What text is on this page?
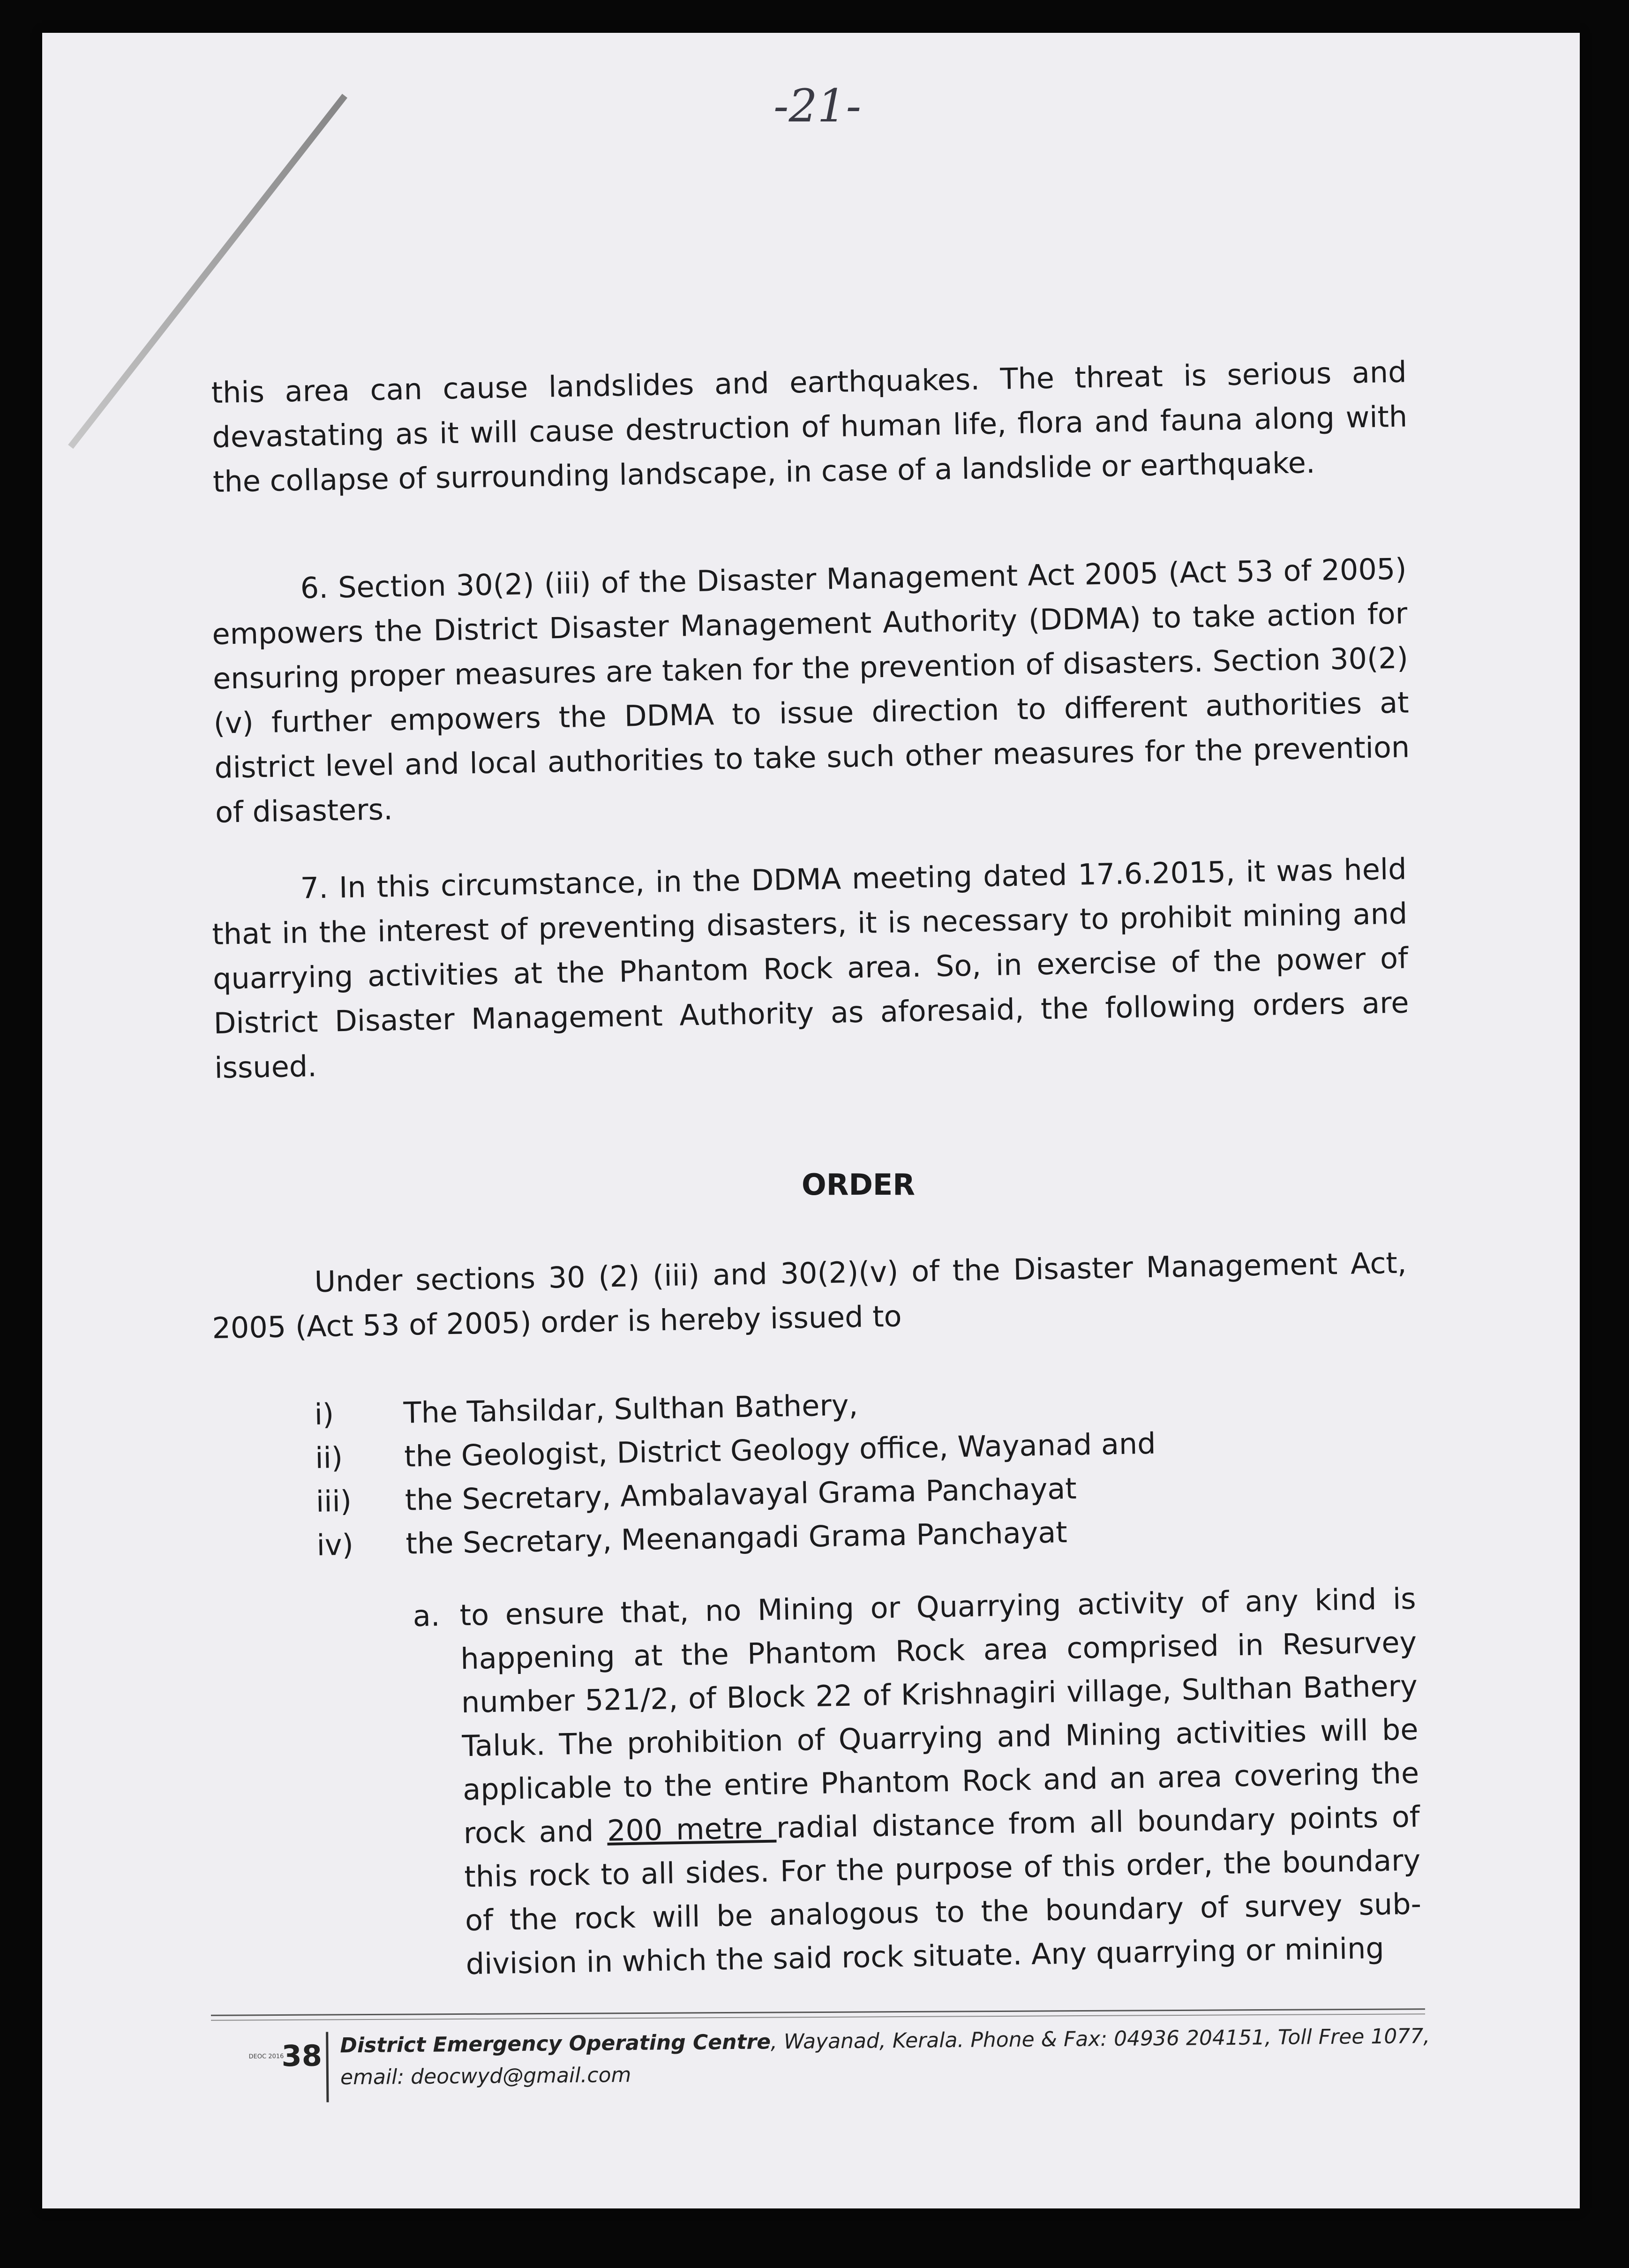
-21-

this area can cause landslides and earthquakes. The threat is serious and devastating as it will cause destruction of human life, flora and fauna along with the collapse of surrounding landscape, in case of a landslide or earthquake.

6. Section 30(2) (iii) of the Disaster Management Act 2005 (Act 53 of 2005) empowers the District Disaster Management Authority (DDMA) to take action for ensuring proper measures are taken for the prevention of disasters. Section 30(2) (v) further empowers the DDMA to issue direction to different authorities at district level and local authorities to take such other measures for the prevention of disasters.

7. In this circumstance, in the DDMA meeting dated 17.6.2015, it was held that in the interest of preventing disasters, it is necessary to prohibit mining and quarrying activities at the Phantom Rock area. So, in exercise of the power of District Disaster Management Authority as aforesaid, the following orders are issued.

ORDER

Under sections 30 (2) (iii) and 30(2)(v) of the Disaster Management Act, 2005 (Act 53 of 2005) order is hereby issued to

i)	The Tahsildar, Sulthan Bathery,
ii)	the Geologist, District Geology office, Wayanad and
iii)	the Secretary, Ambalavayal Grama Panchayat
iv)	the Secretary, Meenangadi Grama Panchayat
a. to ensure that, no Mining or Quarrying activity of any kind is happening at the Phantom Rock area comprised in Resurvey number 521/2, of Block 22 of Krishnagiri village, Sulthan Bathery Taluk. The prohibition of Quarrying and Mining activities will be applicable to the entire Phantom Rock and an area covering the rock and 200 metre radial distance from all boundary points of this rock to all sides. For the purpose of this order, the boundary of the rock will be analogous to the boundary of survey sub-division in which the said rock situate. Any quarrying or mining
DEOC 2016
38 District Emergency Operating Centre, Wayanad, Kerala. Phone & Fax: 04936 204151, Toll Free 1077,
email: deocwyd@gmail.com
